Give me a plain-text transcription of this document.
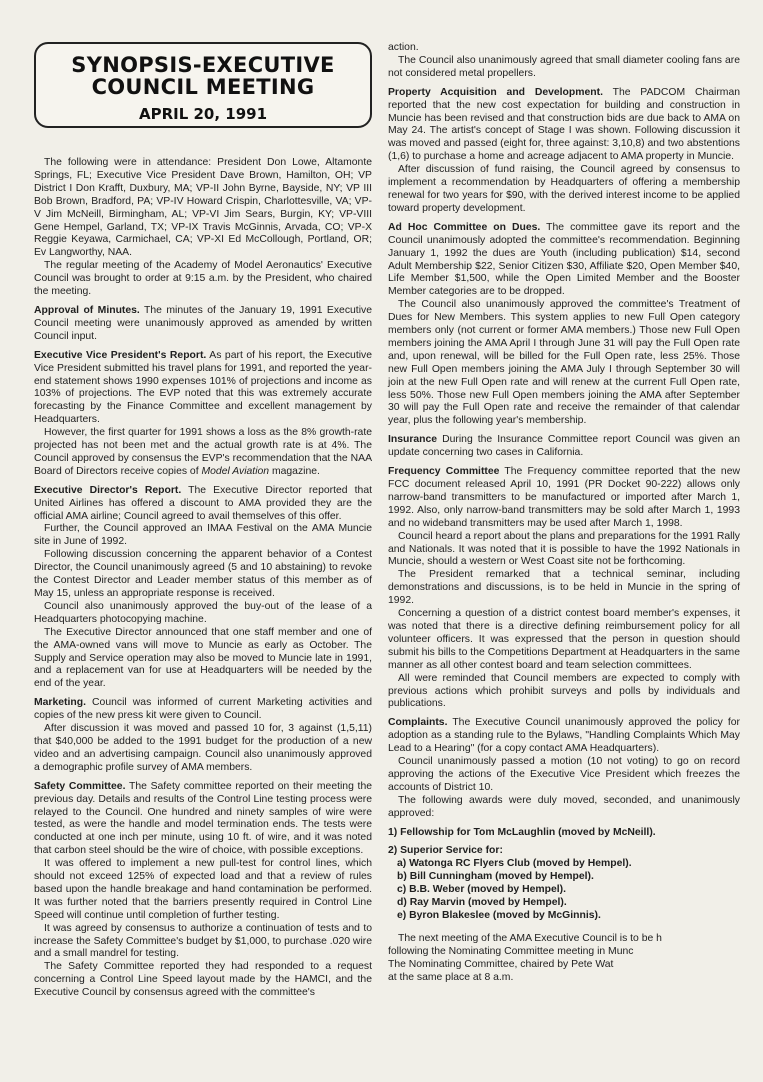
SYNOPSIS-EXECUTIVE
COUNCIL MEETING
APRIL 20, 1991

The following were in attendance: President Don Lowe, Altamonte Springs, FL; Executive Vice President Dave Brown, Hamilton, OH; VP District I Don Krafft, Duxbury, MA; VP-II John Byrne, Bayside, NY; VP III Bob Brown, Bradford, PA; VP-IV Howard Crispin, Charlottesville, VA; VP-V Jim McNeill, Birmingham, AL; VP-VI Jim Sears, Burgin, KY; VP-VIII Gene Hempel, Garland, TX; VP-IX Travis McGinnis, Arvada, CO; VP-X Reggie Keyawa, Carmichael, CA; VP-XI Ed McCollough, Portland, OR; Ev Langworthy, NAA.

The regular meeting of the Academy of Model Aeronautics' Executive Council was brought to order at 9:15 a.m. by the President, who chaired the meeting.

Approval of Minutes. The minutes of the January 19, 1991 Executive Council meeting were unanimously approved as amended by written Council input.

Executive Vice President's Report. As part of his report, the Executive Vice President submitted his travel plans for 1991, and reported the year-end statement shows 1990 expenses 101% of projections and income as 103% of projections. The EVP noted that this was extremely accurate forecasting by the Finance Committee and excellent management by Headquarters.

However, the first quarter for 1991 shows a loss as the 8% growth-rate projected has not been met and the actual growth rate is at 4%. The Council approved by consensus the EVP's recommendation that the NAA Board of Directors receive copies of Model Aviation magazine.

Executive Director's Report. The Executive Director reported that United Airlines has offered a discount to AMA provided they are the official AMA airline; Council agreed to avail themselves of this offer.

Further, the Council approved an IMAA Festival on the AMA Muncie site in June of 1992.

Following discussion concerning the apparent behavior of a Contest Director, the Council unanimously agreed (5 and 10 abstaining) to revoke the Contest Director and Leader member status of this member as of May 15, unless an appropriate response is received.

Council also unanimously approved the buy-out of the lease of a Headquarters photocopying machine.

The Executive Director announced that one staff member and one of the AMA-owned vans will move to Muncie as early as October. The Supply and Service operation may also be moved to Muncie late in 1991, and a replacement van for use at Headquarters will be needed by the end of the year.

Marketing. Council was informed of current Marketing activities and copies of the new press kit were given to Council.

After discussion it was moved and passed 10 for, 3 against (1,5,11) that $40,000 be added to the 1991 budget for the production of a new video and an advertising campaign. Council also unanimously approved a demographic profile survey of AMA members.

Safety Committee. The Safety committee reported on their meeting the previous day. Details and results of the Control Line testing process were relayed to the Council. One hundred and ninety samples of wire were tested, as were the handle and model termination ends. The tests were conducted at one inch per minute, using 10 ft. of wire, and it was noted that carbon steel should be the wire of choice, with possible exceptions.

It was offered to implement a new pull-test for control lines, which should not exceed 125% of expected load and that a review of rules based upon the handle breakage and hand contamination be performed. It was further noted that the barriers presently required in Control Line Speed will continue until completion of further testing.

It was agreed by consensus to authorize a continuation of tests and to increase the Safety Committee's budget by $1,000, to purchase .020 wire and a small mandrel for testing.

The Safety Committee reported they had responded to a request concerning a Control Line Speed layout made by the HAMCI, and the Executive Council by consensus agreed with the committee's

action.

The Council also unanimously agreed that small diameter cooling fans are not considered metal propellers.

Property Acquisition and Development. The PADCOM Chairman reported that the new cost expectation for building and construction in Muncie has been revised and that construction bids are due back to AMA on May 24. The artist's concept of Stage I was shown. Following discussion it was moved and passed (eight for, three against: 3,10,8) and two abstentions (1,6) to purchase a home and acreage adjacent to AMA property in Muncie.

After discussion of fund raising, the Council agreed by consensus to implement a recommendation by Headquarters of offering a membership renewal for two years for $90, with the derived interest income to be applied toward property development.

Ad Hoc Committee on Dues. The committee gave its report and the Council unanimously adopted the committee's recommendation. Beginning January 1, 1992 the dues are Youth (including publication) $14, second Adult Membership $22, Senior Citizen $30, Affiliate $20, Open Member $40, Life Member $1,500, while the Open Limited Member and the Booster Member categories are to be dropped.

The Council also unanimously approved the committee's Treatment of Dues for New Members. This system applies to new Full Open category members only (not current or former AMA members.) Those new Full Open members joining the AMA April I through June 31 will pay the Full Open rate and, upon renewal, will be billed for the Full Open rate, less 25%. Those new Full Open members joining the AMA July I through September 30 will join at the new Full Open rate and will renew at the current Full Open rate, less 50%. Those new Full Open members joining the AMA after September 30 will pay the Full Open rate and receive the remainder of that calendar year, plus the following year's membership.

Insurance During the Insurance Committee report Council was given an update concerning two cases in California.

Frequency Committee The Frequency committee reported that the new FCC document released April 10, 1991 (PR Docket 90-222) allows only narrow-band transmitters to be manufactured or imported after March 1, 1992. Also, only narrow-band transmitters may be sold after March 1, 1993 and no wideband transmitters may be used after March 1, 1998.

Council heard a report about the plans and preparations for the 1991 Rally and Nationals. It was noted that it is possible to have the 1992 Nationals in Muncie, should a western or West Coast site not be forthcoming.

The President remarked that a technical seminar, including demonstrations and discussions, is to be held in Muncie in the spring of 1992.

Concerning a question of a district contest board member's expenses, it was noted that there is a directive defining reimbursement policy for all volunteer officers. It was expressed that the person in question should submit his bills to the Competitions Department at Headquarters in the same manner as all other contest board and team selection committees.

All were reminded that Council members are expected to comply with previous actions which prohibit surveys and polls by individuals and publications.

Complaints. The Executive Council unanimously approved the policy for adoption as a standing rule to the Bylaws, "Handling Complaints Which May Lead to a Hearing" (for a copy contact AMA Headquarters).

Council unanimously passed a motion (10 not voting) to go on record approving the actions of the Executive Vice President which freezes the accounts of District 10.

The following awards were duly moved, seconded, and unanimously approved:

1) Fellowship for Tom McLaughlin (moved by McNeill).

2) Superior Service for:

a) Watonga RC Flyers Club (moved by Hempel).

b) Bill Cunningham (moved by Hempel).

c) B.B. Weber (moved by Hempel).

d) Ray Marvin (moved by Hempel).

e) Byron Blakeslee (moved by McGinnis).

The next meeting of the AMA Executive Council is to be h

following the Nominating Committee meeting in Munc

The Nominating Committee, chaired by Pete Wat

at the same place at 8 a.m.
